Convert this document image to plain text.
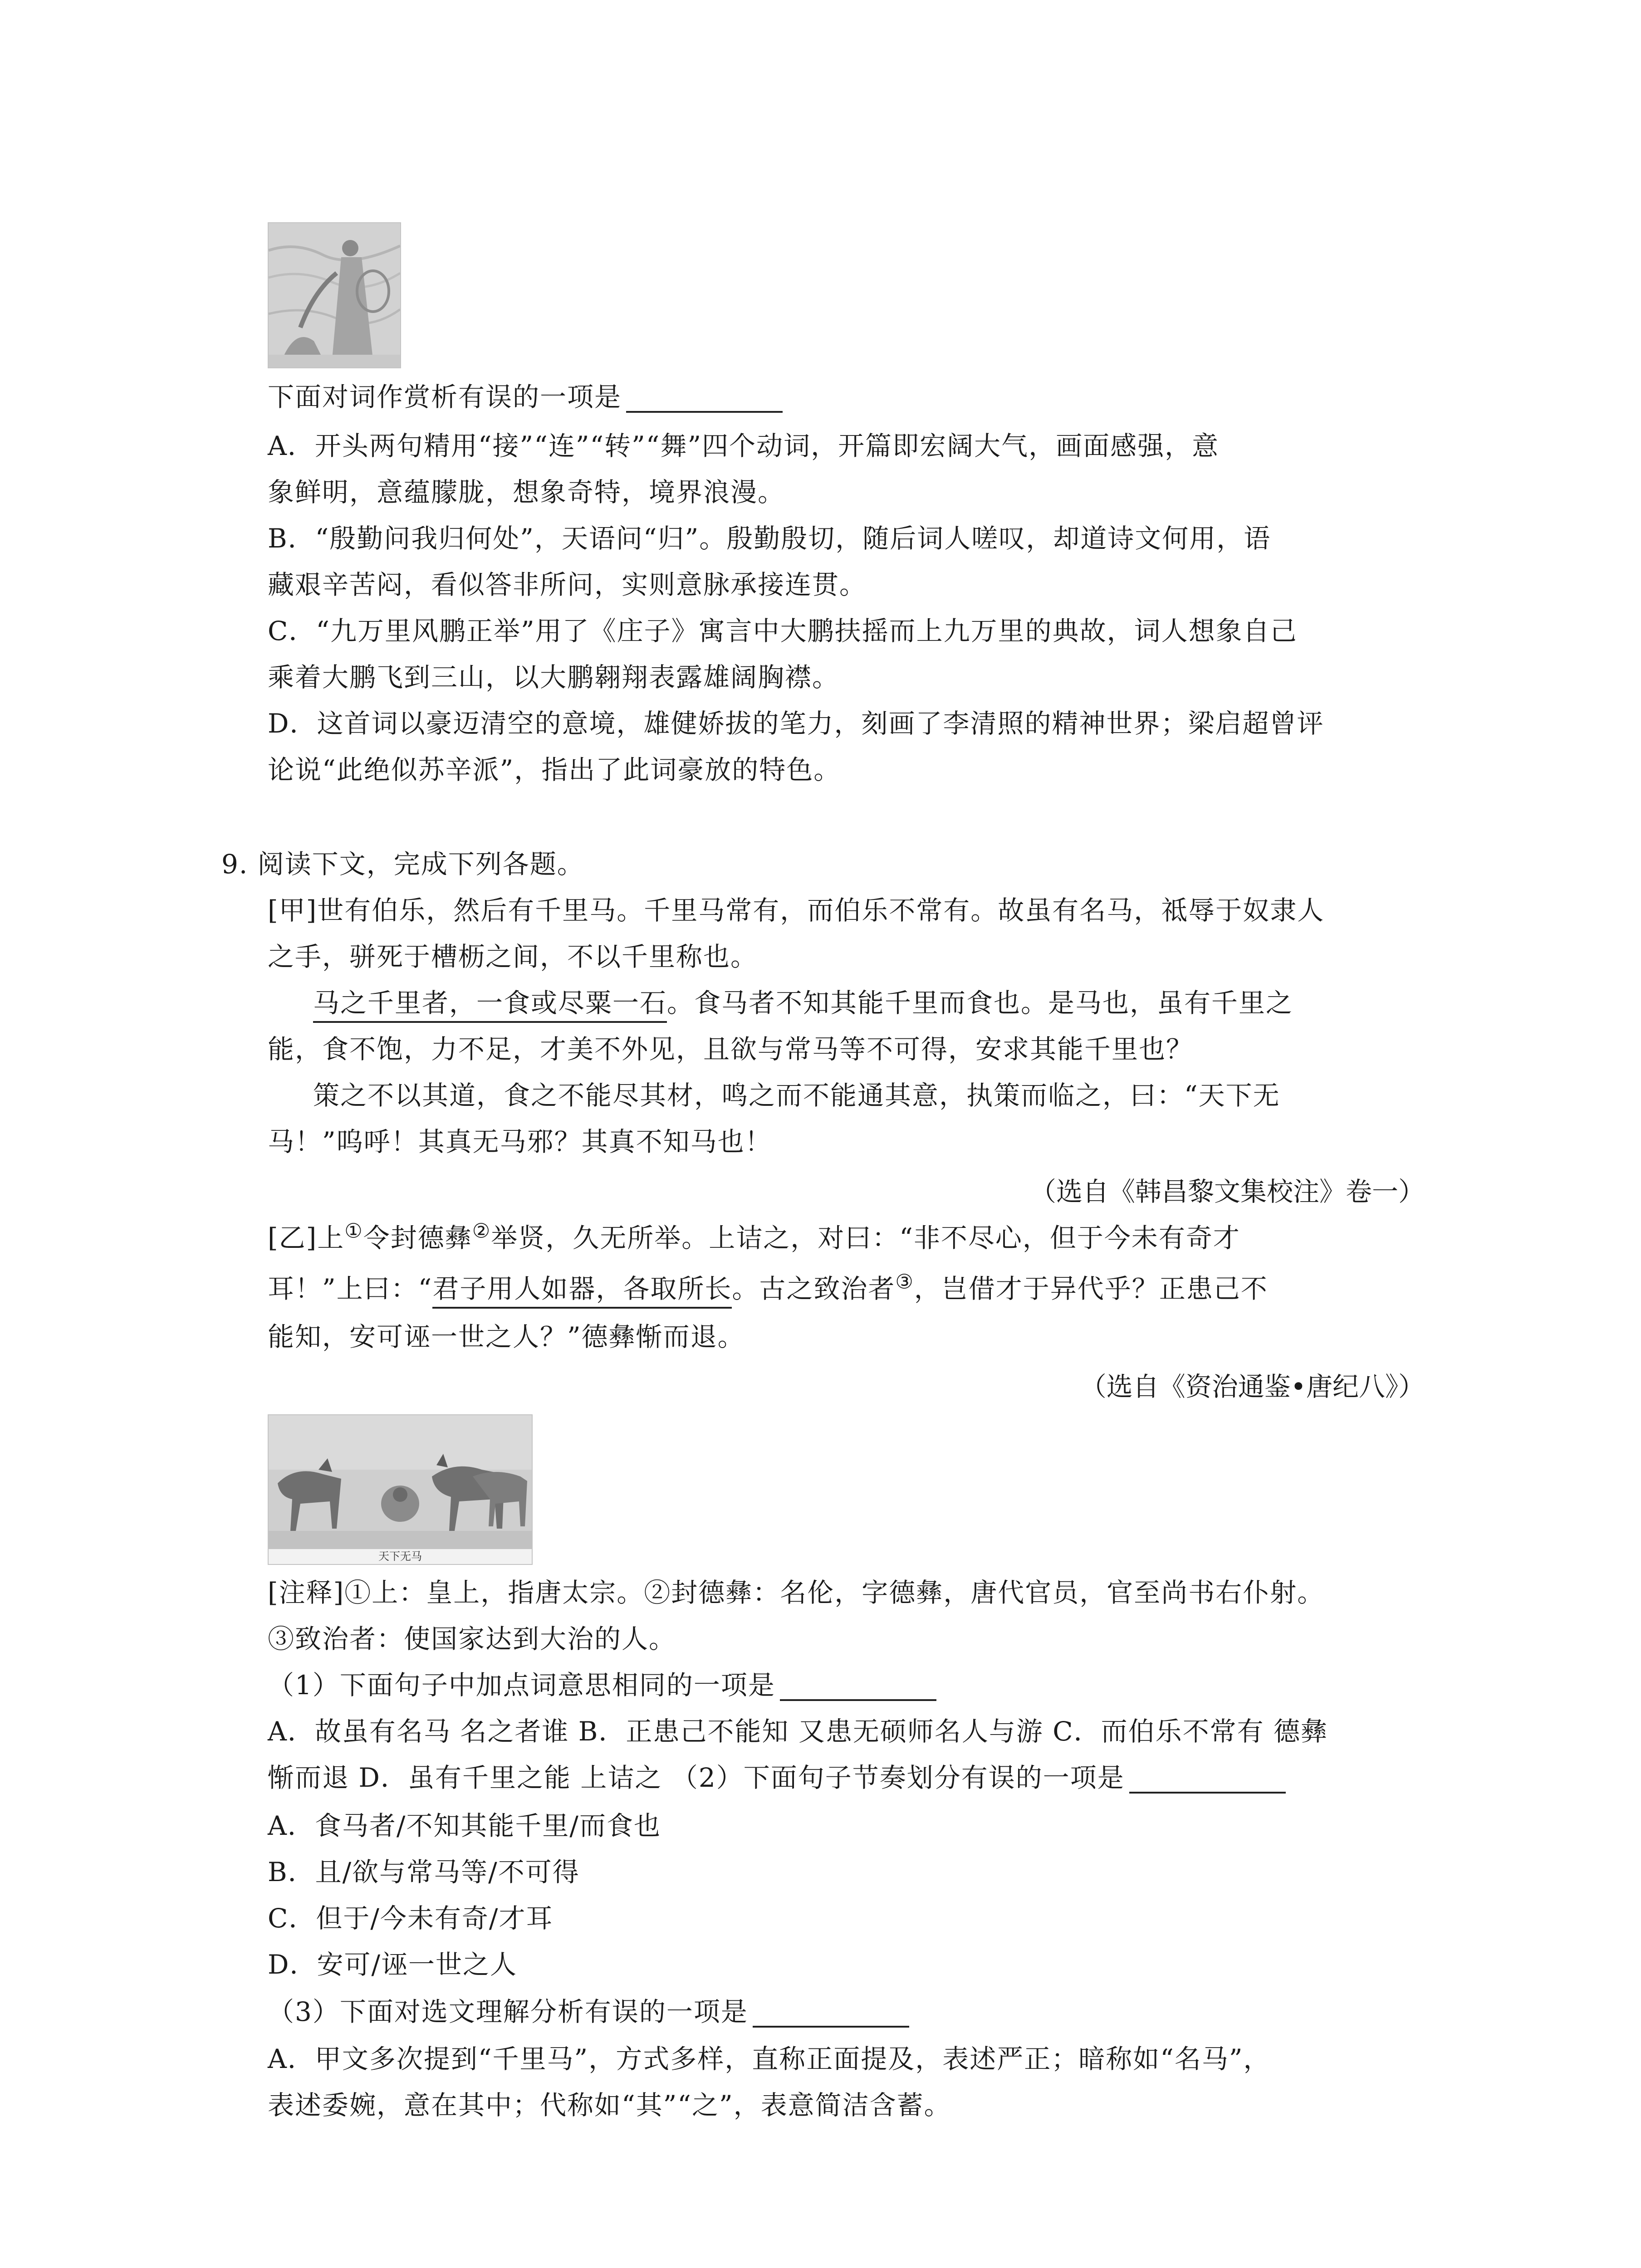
下面对词作赏析有误的一项是
A．开头两句精用“接”“连”“转”“舞”四个动词，开篇即宏阔大气，画面感强，意
象鲜明，意蕴朦胧，想象奇特，境界浪漫。
B．“殷勤问我归何处”，天语问“归”。殷勤殷切，随后词人嗟叹，却道诗文何用，语
藏艰辛苦闷，看似答非所问，实则意脉承接连贯。
C．“九万里风鹏正举”用了《庄子》寓言中大鹏扶摇而上九万里的典故，词人想象自己
乘着大鹏飞到三山，以大鹏翱翔表露雄阔胸襟。
D．这首词以豪迈清空的意境，雄健娇拔的笔力，刻画了李清照的精神世界；梁启超曾评
论说“此绝似苏辛派”，指出了此词豪放的特色。
9. 阅读下文，完成下列各题。
[甲]世有伯乐，然后有千里马。千里马常有，而伯乐不常有。故虽有名马，祗辱于奴隶人
之手，骈死于槽枥之间，不以千里称也。
马之千里者，一食或尽粟一石。食马者不知其能千里而食也。是马也，虽有千里之
能，食不饱，力不足，才美不外见，且欲与常马等不可得，安求其能千里也？
策之不以其道，食之不能尽其材，鸣之而不能通其意，执策而临之，曰：“天下无
马！”呜呼！其真无马邪？其真不知马也！
（选自《韩昌黎文集校注》卷一）
[乙]上①令封德彝②举贤，久无所举。上诘之，对曰：“非不尽心，但于今未有奇才
耳！”上曰：“君子用人如器，各取所长。古之致治者③，岂借才于异代乎？正患己不
能知，安可诬一世之人？”德彝惭而退。
（选自《资治通鉴•唐纪八》）
天下无马
[注释]①上：皇上，指唐太宗。②封德彝：名伦，字德彝，唐代官员，官至尚书右仆射。
③致治者：使国家达到大治的人。
（1）下面句子中加点词意思相同的一项是
A．故虽有名马 名之者谁 B．正患己不能知 又患无硕师名人与游 C．而伯乐不常有 德彝
惭而退 D．虽有千里之能 上诘之 （2）下面句子节奏划分有误的一项是
A．食马者/不知其能千里/而食也
B．且/欲与常马等/不可得
C．但于/今未有奇/才耳
D．安可/诬一世之人
（3）下面对选文理解分析有误的一项是
A．甲文多次提到“千里马”，方式多样，直称正面提及，表述严正；暗称如“名马”，
表述委婉，意在其中；代称如“其”“之”，表意简洁含蓄。
